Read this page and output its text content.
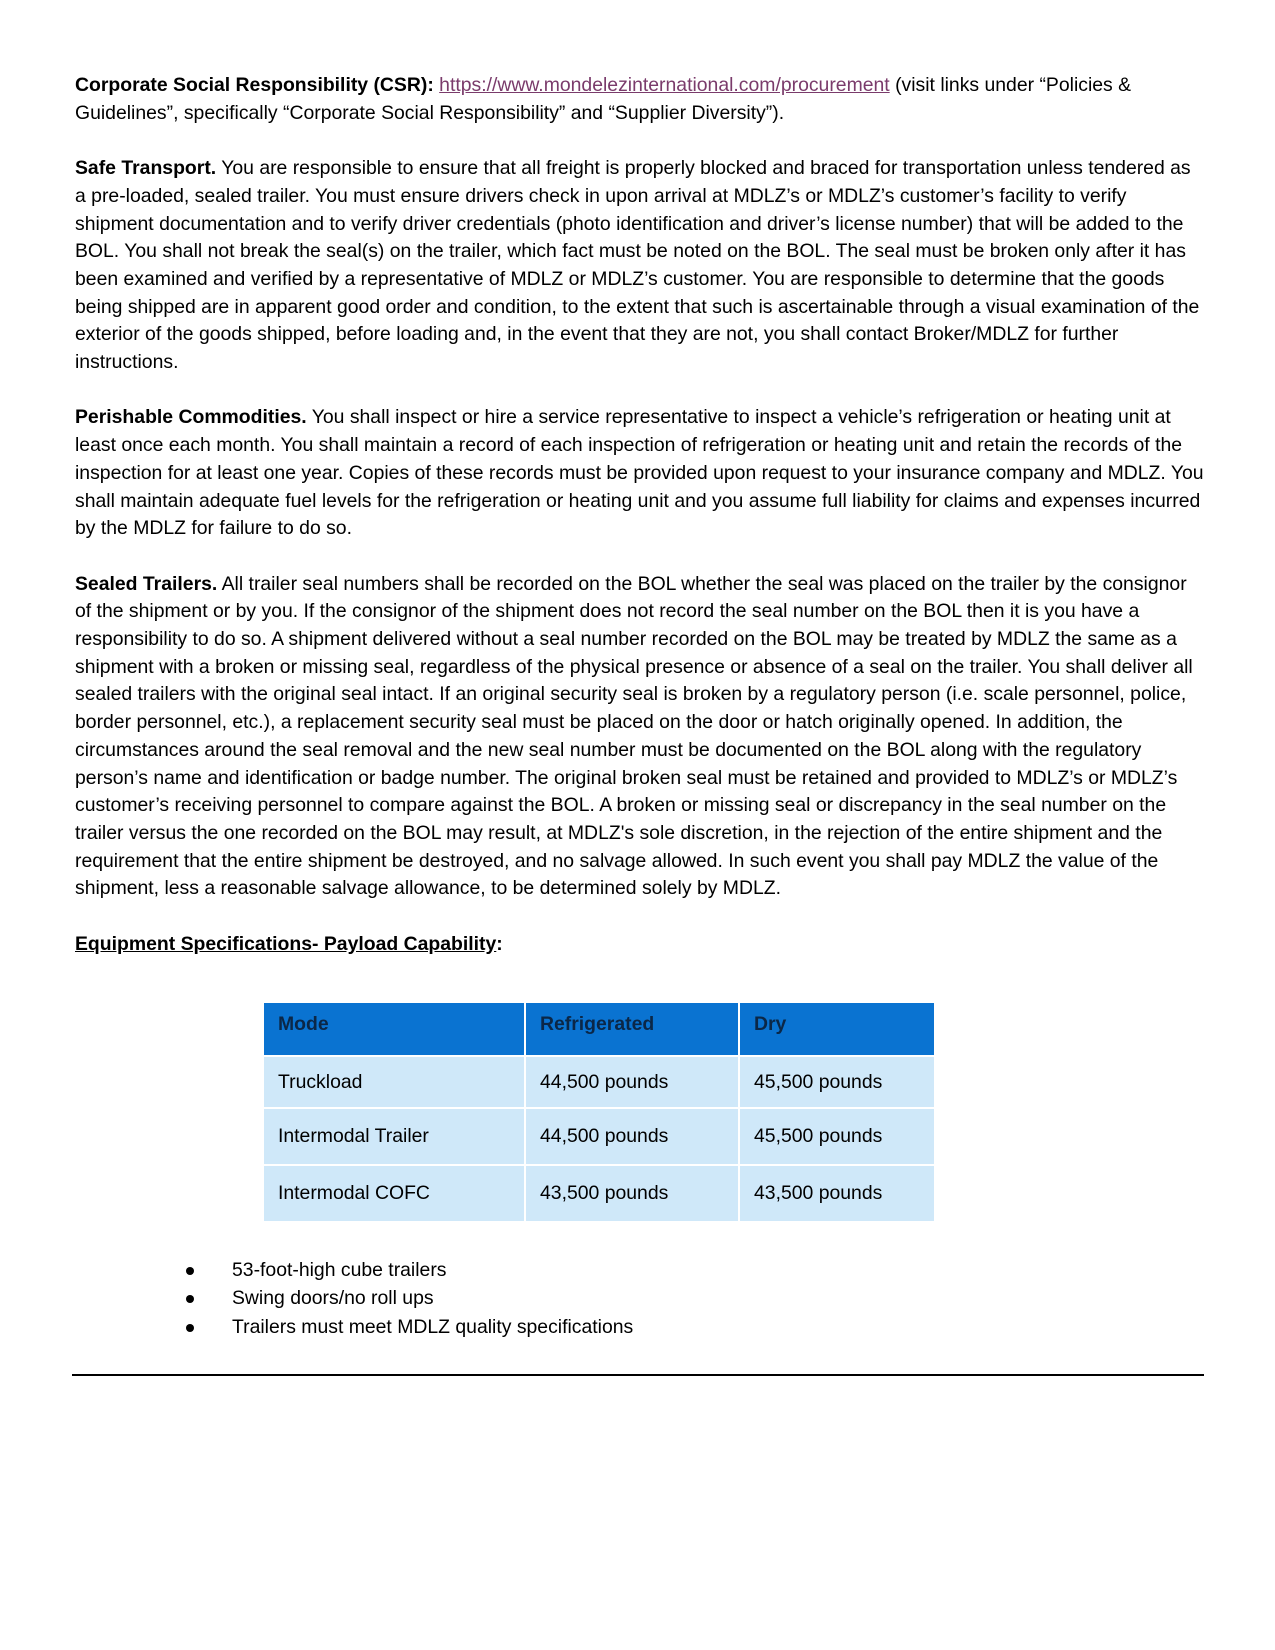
Corporate Social Responsibility (CSR): https://www.mondelezinternational.com/procurement (visit links under “Policies & Guidelines”, specifically “Corporate Social Responsibility” and “Supplier Diversity”).

Safe Transport. You are responsible to ensure that all freight is properly blocked and braced for transportation unless tendered as a pre-loaded, sealed trailer. You must ensure drivers check in upon arrival at MDLZ’s or MDLZ’s customer’s facility to verify shipment documentation and to verify driver credentials (photo identification and driver’s license number) that will be added to the BOL. You shall not break the seal(s) on the trailer, which fact must be noted on the BOL. The seal must be broken only after it has been examined and verified by a representative of MDLZ or MDLZ’s customer. You are responsible to determine that the goods being shipped are in apparent good order and condition, to the extent that such is ascertainable through a visual examination of the exterior of the goods shipped, before loading and, in the event that they are not, you shall contact Broker/MDLZ for further instructions.

Perishable Commodities. You shall inspect or hire a service representative to inspect a vehicle’s refrigeration or heating unit at least once each month. You shall maintain a record of each inspection of refrigeration or heating unit and retain the records of the inspection for at least one year. Copies of these records must be provided upon request to your insurance company and MDLZ. You shall maintain adequate fuel levels for the refrigeration or heating unit and you assume full liability for claims and expenses incurred by the MDLZ for failure to do so.

Sealed Trailers. All trailer seal numbers shall be recorded on the BOL whether the seal was placed on the trailer by the consignor of the shipment or by you. If the consignor of the shipment does not record the seal number on the BOL then it is you have a responsibility to do so. A shipment delivered without a seal number recorded on the BOL may be treated by MDLZ the same as a shipment with a broken or missing seal, regardless of the physical presence or absence of a seal on the trailer. You shall deliver all sealed trailers with the original seal intact. If an original security seal is broken by a regulatory person (i.e. scale personnel, police, border personnel, etc.), a replacement security seal must be placed on the door or hatch originally opened. In addition, the circumstances around the seal removal and the new seal number must be documented on the BOL along with the regulatory person’s name and identification or badge number. The original broken seal must be retained and provided to MDLZ’s or MDLZ’s customer’s receiving personnel to compare against the BOL. A broken or missing seal or discrepancy in the seal number on the trailer versus the one recorded on the BOL may result, at MDLZ's sole discretion, in the rejection of the entire shipment and the requirement that the entire shipment be destroyed, and no salvage allowed. In such event you shall pay MDLZ the value of the shipment, less a reasonable salvage allowance, to be determined solely by MDLZ.

Equipment Specifications- Payload Capability:

Mode	Refrigerated	Dry
Truckload	44,500 pounds	45,500 pounds
Intermodal Trailer	44,500 pounds	45,500 pounds
Intermodal COFC	43,500 pounds	43,500 pounds
53-foot-high cube trailers
Swing doors/no roll ups
Trailers must meet MDLZ quality specifications
